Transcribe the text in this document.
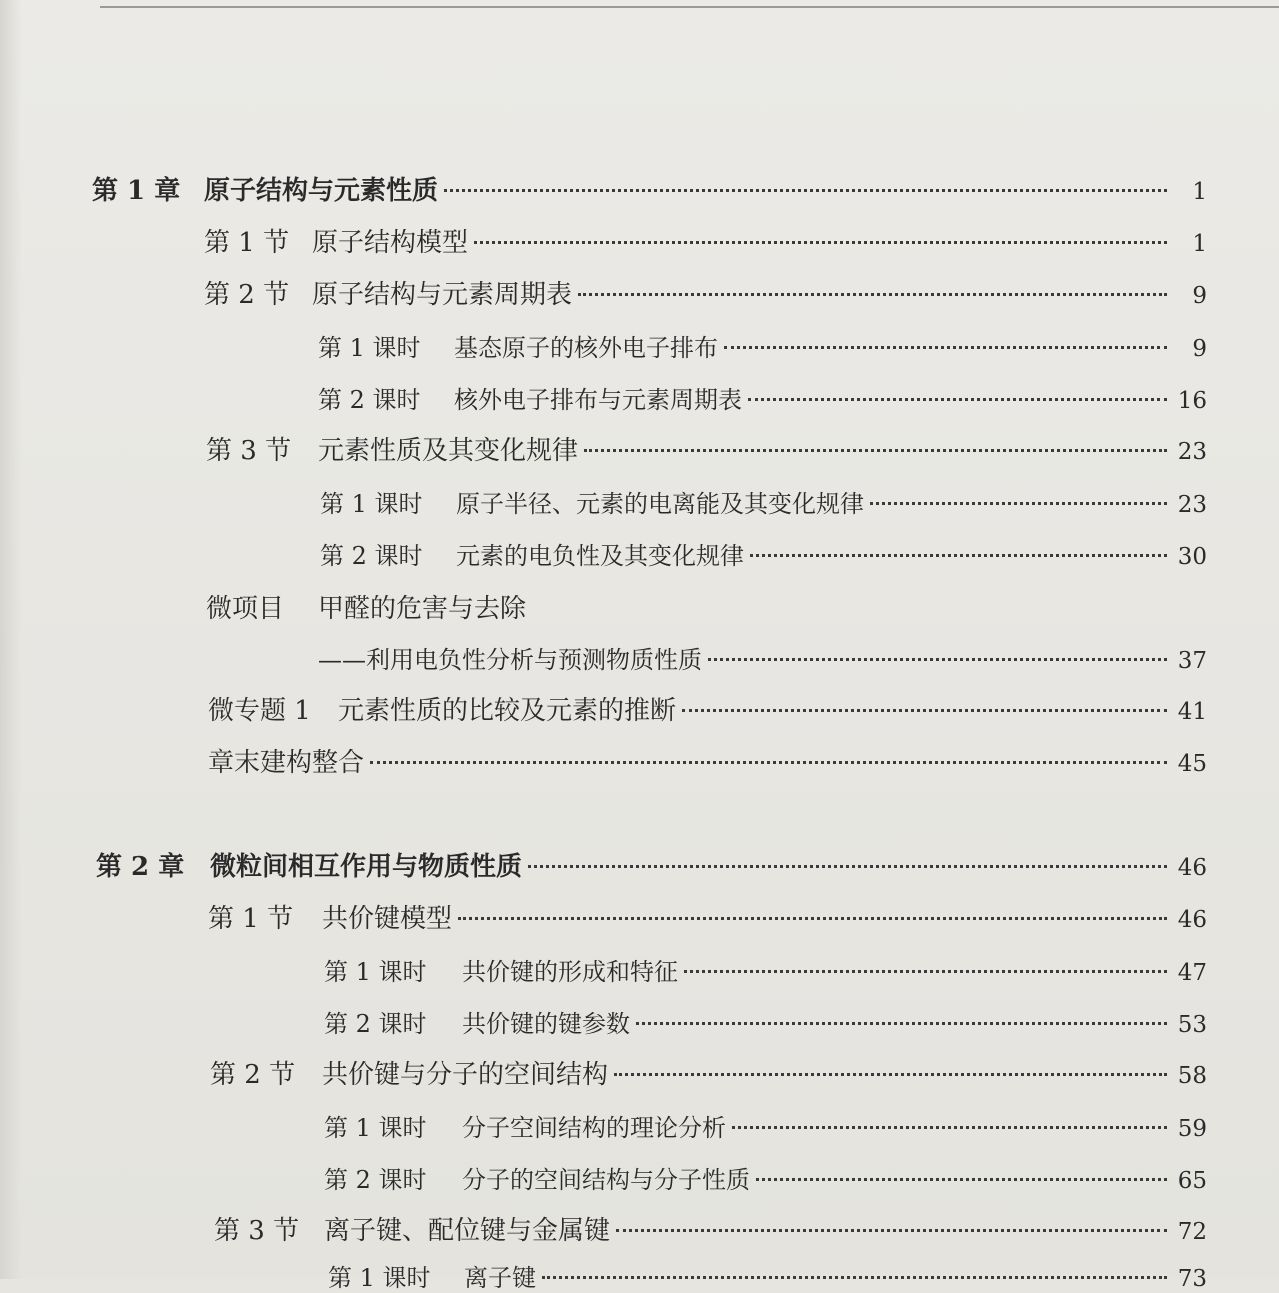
第 1 章 原子结构与元素性质	1
第 1 节 原子结构模型	1
第 2 节 原子结构与元素周期表	9
第 1 课时	基态原子的核外电子排布	9
第 2 课时	核外电子排布与元素周期表	16
第 3 节	元素性质及其变化规律	23
第 1 课时	原子半径、元素的电离能及其变化规律	23
第 2 课时	元素的电负性及其变化规律	30
微项目	甲醛的危害与去除
——利用电负性分析与预测物质性质	37
微专题 1	元素性质的比较及元素的推断	41
章末建构整合	45
第 2 章 微粒间相互作用与物质性质	46
第 1 节	共价键模型	46
第 1 课时	共价键的形成和特征	47
第 2 课时	共价键的键参数	53
第 2 节	共价键与分子的空间结构	58
第 1 课时	分子空间结构的理论分析	59
第 2 课时	分子的空间结构与分子性质	65
第 3 节 离子键、配位键与金属键	72
第 1 课时	离子键	73
